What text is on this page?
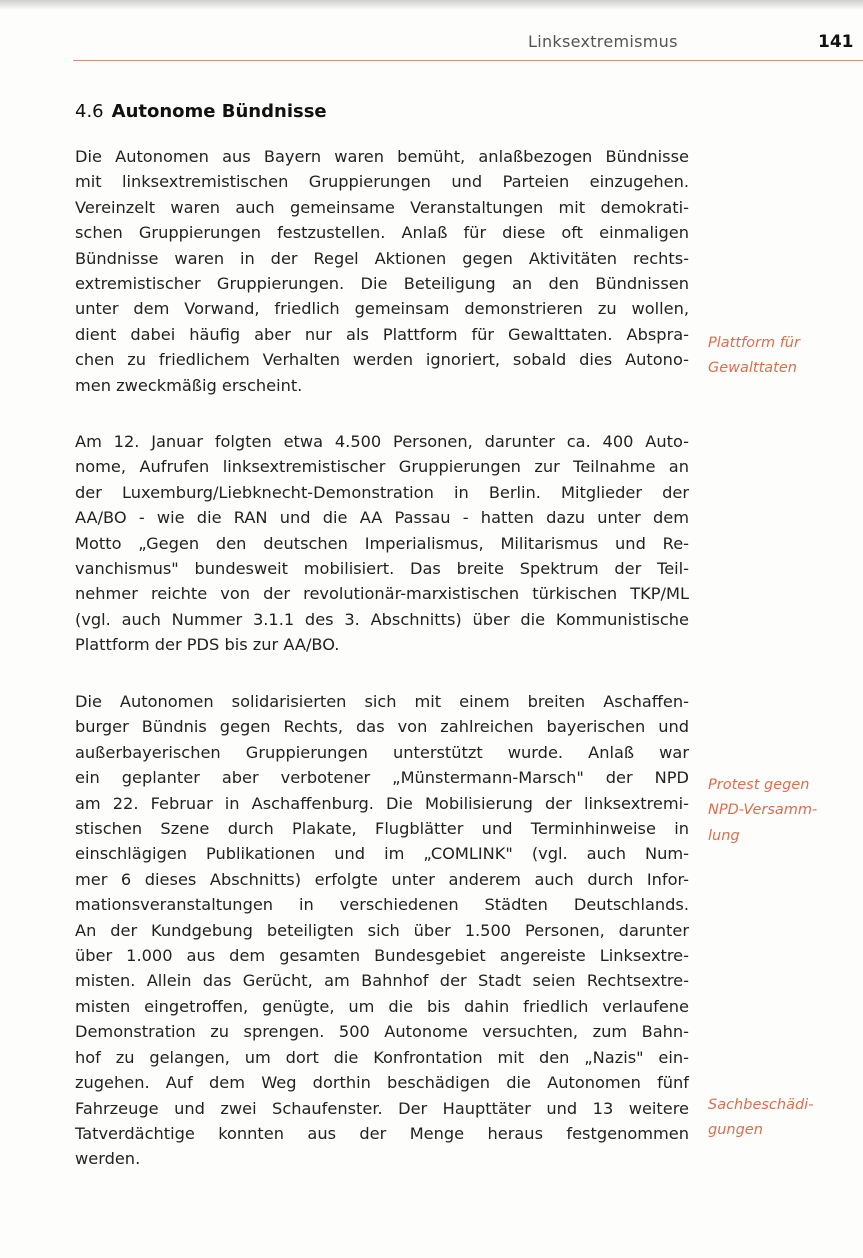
Linksextremismus	141
4.6 Autonome Bündnisse
Die Autonomen aus Bayern waren bemüht, anlaßbezogen Bündnisse
mit linksextremistischen Gruppierungen und Parteien einzugehen.
Vereinzelt waren auch gemeinsame Veranstaltungen mit demokrati-
schen Gruppierungen festzustellen. Anlaß für diese oft einmaligen
Bündnisse waren in der Regel Aktionen gegen Aktivitäten rechts-
extremistischer Gruppierungen. Die Beteiligung an den Bündnissen
unter dem Vorwand, friedlich gemeinsam demonstrieren zu wollen,
dient dabei häufig aber nur als Plattform für Gewalttaten. Abspra-
chen zu friedlichem Verhalten werden ignoriert, sobald dies Autono-
men zweckmäßig erscheint.
Am 12. Januar folgten etwa 4.500 Personen, darunter ca. 400 Auto-
nome, Aufrufen linksextremistischer Gruppierungen zur Teilnahme an
der Luxemburg/Liebknecht-Demonstration in Berlin. Mitglieder der
AA/BO - wie die RAN und die AA Passau - hatten dazu unter dem
Motto „Gegen den deutschen Imperialismus, Militarismus und Re-
vanchismus" bundesweit mobilisiert. Das breite Spektrum der Teil-
nehmer reichte von der revolutionär-marxistischen türkischen TKP/ML
(vgl. auch Nummer 3.1.1 des 3. Abschnitts) über die Kommunistische
Plattform der PDS bis zur AA/BO.
Die Autonomen solidarisierten sich mit einem breiten Aschaffen-
burger Bündnis gegen Rechts, das von zahlreichen bayerischen und
außerbayerischen Gruppierungen unterstützt wurde. Anlaß war
ein geplanter aber verbotener „Münstermann-Marsch" der NPD
am 22. Februar in Aschaffenburg. Die Mobilisierung der linksextremi-
stischen Szene durch Plakate, Flugblätter und Terminhinweise in
einschlägigen Publikationen und im „COMLINK" (vgl. auch Num-
mer 6 dieses Abschnitts) erfolgte unter anderem auch durch Infor-
mationsveranstaltungen in verschiedenen Städten Deutschlands.
An der Kundgebung beteiligten sich über 1.500 Personen, darunter
über 1.000 aus dem gesamten Bundesgebiet angereiste Linksextre-
misten. Allein das Gerücht, am Bahnhof der Stadt seien Rechtsextre-
misten eingetroffen, genügte, um die bis dahin friedlich verlaufene
Demonstration zu sprengen. 500 Autonome versuchten, zum Bahn-
hof zu gelangen, um dort die Konfrontation mit den „Nazis" ein-
zugehen. Auf dem Weg dorthin beschädigen die Autonomen fünf
Fahrzeuge und zwei Schaufenster. Der Haupttäter und 13 weitere
Tatverdächtige konnten aus der Menge heraus festgenommen
werden.
Plattform für
Gewalttaten
Protest gegen
NPD-Versamm-
lung
Sachbeschädi-
gungen
